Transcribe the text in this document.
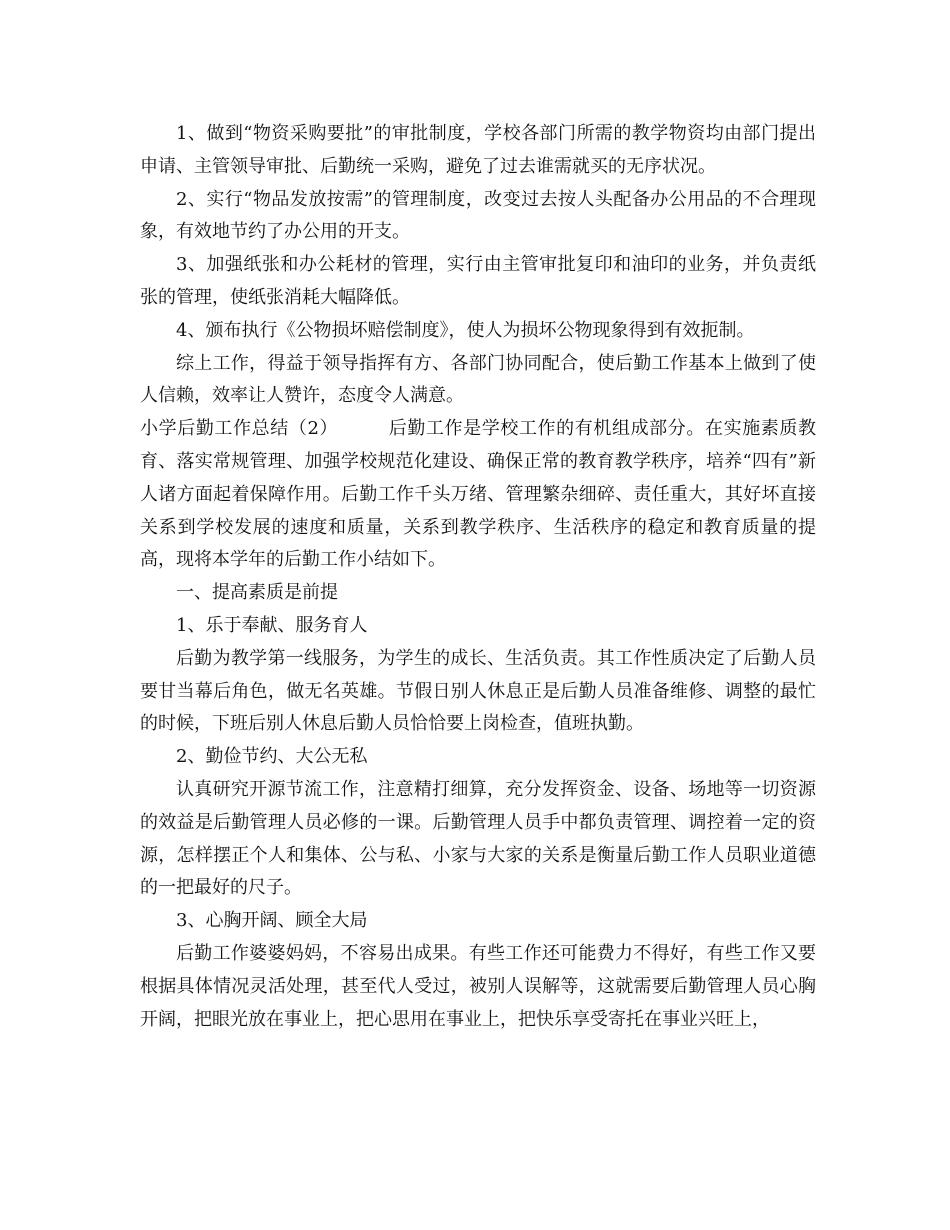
1、做到“物资采购要批”的审批制度，学校各部门所需的教学物资均由部门提出申请、主管领导审批、后勤统一采购，避免了过去谁需就买的无序状况。

2、实行“物品发放按需”的管理制度，改变过去按人头配备办公用品的不合理现象，有效地节约了办公用的开支。

3、加强纸张和办公耗材的管理，实行由主管审批复印和油印的业务，并负责纸张的管理，使纸张消耗大幅降低。

4、颁布执行《公物损坏赔偿制度》，使人为损坏公物现象得到有效扼制。

综上工作，得益于领导指挥有方、各部门协同配合，使后勤工作基本上做到了使人信赖，效率让人赞许，态度令人满意。

小学后勤工作总结（2）	后勤工作是学校工作的有机组成部分。在实施素质教育、落实常规管理、加强学校规范化建设、确保正常的教育教学秩序，培养“四有”新人诸方面起着保障作用。后勤工作千头万绪、管理繁杂细碎、责任重大，其好坏直接关系到学校发展的速度和质量，关系到教学秩序、生活秩序的稳定和教育质量的提高，现将本学年的后勤工作小结如下。

一、提高素质是前提

1、乐于奉献、服务育人

后勤为教学第一线服务，为学生的成长、生活负责。其工作性质决定了后勤人员要甘当幕后角色，做无名英雄。节假日别人休息正是后勤人员准备维修、调整的最忙的时候，下班后别人休息后勤人员恰恰要上岗检查，值班执勤。

2、勤俭节约、大公无私

认真研究开源节流工作，注意精打细算，充分发挥资金、设备、场地等一切资源的效益是后勤管理人员必修的一课。后勤管理人员手中都负责管理、调控着一定的资源，怎样摆正个人和集体、公与私、小家与大家的关系是衡量后勤工作人员职业道德的一把最好的尺子。

3、心胸开阔、顾全大局

后勤工作婆婆妈妈，不容易出成果。有些工作还可能费力不得好，有些工作又要根据具体情况灵活处理，甚至代人受过，被别人误解等，这就需要后勤管理人员心胸开阔，把眼光放在事业上，把心思用在事业上，把快乐享受寄托在事业兴旺上，
